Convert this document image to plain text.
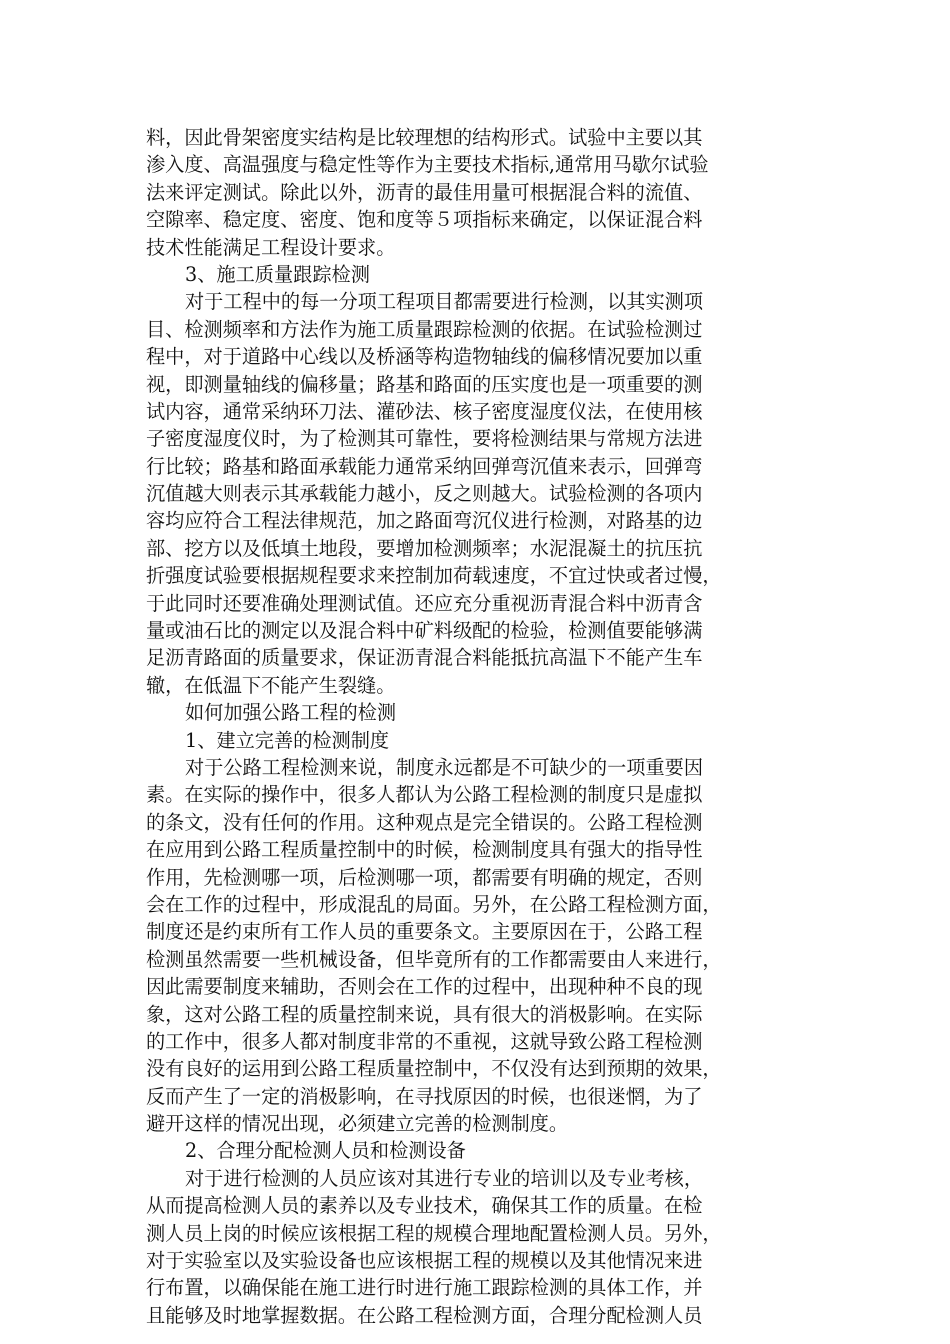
料，因此骨架密度实结构是比较理想的结构形式。试验中主要以其
渗入度、高温强度与稳定性等作为主要技术指标,通常用马歇尔试验
法来评定测试。除此以外，沥青的最佳用量可根据混合料的流值、
空隙率、稳定度、密度、饱和度等５项指标来确定，以保证混合料
技术性能满足工程设计要求。
3、施工质量跟踪检测
对于工程中的每一分项工程项目都需要进行检测，以其实测项
目、检测频率和方法作为施工质量跟踪检测的依据。在试验检测过
程中，对于道路中心线以及桥涵等构造物轴线的偏移情况要加以重
视，即测量轴线的偏移量；路基和路面的压实度也是一项重要的测
试内容，通常采纳环刀法、灌砂法、核子密度湿度仪法，在使用核
子密度湿度仪时，为了检测其可靠性，要将检测结果与常规方法进
行比较；路基和路面承载能力通常采纳回弹弯沉值来表示，回弹弯
沉值越大则表示其承载能力越小，反之则越大。试验检测的各项内
容均应符合工程法律规范，加之路面弯沉仪进行检测，对路基的边
部、挖方以及低填土地段，要增加检测频率；水泥混凝土的抗压抗
折强度试验要根据规程要求来控制加荷载速度，不宜过快或者过慢，
于此同时还要准确处理测试值。还应充分重视沥青混合料中沥青含
量或油石比的测定以及混合料中矿料级配的检验，检测值要能够满
足沥青路面的质量要求，保证沥青混合料能抵抗高温下不能产生车
辙，在低温下不能产生裂缝。
如何加强公路工程的检测
1、建立完善的检测制度
对于公路工程检测来说，制度永远都是不可缺少的一项重要因
素。在实际的操作中，很多人都认为公路工程检测的制度只是虚拟
的条文，没有任何的作用。这种观点是完全错误的。公路工程检测
在应用到公路工程质量控制中的时候，检测制度具有强大的指导性
作用，先检测哪一项，后检测哪一项，都需要有明确的规定，否则
会在工作的过程中，形成混乱的局面。另外，在公路工程检测方面，
制度还是约束所有工作人员的重要条文。主要原因在于，公路工程
检测虽然需要一些机械设备，但毕竟所有的工作都需要由人来进行，
因此需要制度来辅助，否则会在工作的过程中，出现种种不良的现
象，这对公路工程的质量控制来说，具有很大的消极影响。在实际
的工作中，很多人都对制度非常的不重视，这就导致公路工程检测
没有良好的运用到公路工程质量控制中，不仅没有达到预期的效果，
反而产生了一定的消极影响，在寻找原因的时候，也很迷惘，为了
避开这样的情况出现，必须建立完善的检测制度。
2、合理分配检测人员和检测设备
对于进行检测的人员应该对其进行专业的培训以及专业考核，
从而提高检测人员的素养以及专业技术，确保其工作的质量。在检
测人员上岗的时候应该根据工程的规模合理地配置检测人员。另外，
对于实验室以及实验设备也应该根据工程的规模以及其他情况来进
行布置，以确保能在施工进行时进行施工跟踪检测的具体工作，并
且能够及时地掌握数据。在公路工程检测方面，合理分配检测人员
